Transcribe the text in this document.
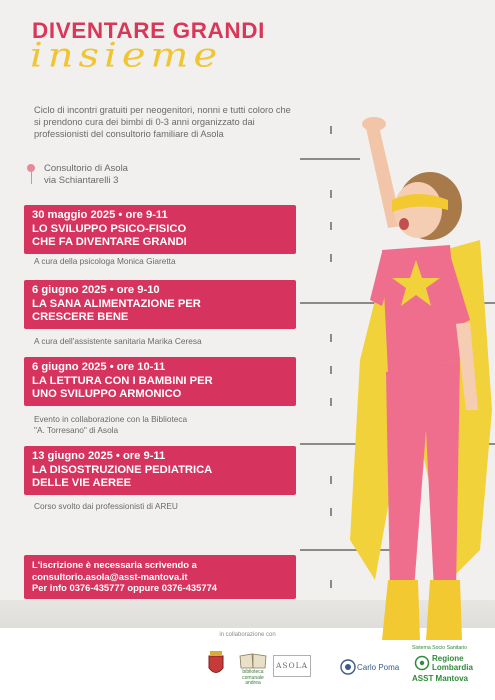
DIVENTARE GRANDI
insieme
Ciclo di incontri gratuiti per neogenitori, nonni e tutti coloro che si prendono cura dei bimbi di 0-3 anni organizzato dai professionisti del consultorio familiare di Asola
Consultorio di Asola
via Schiantarelli 3
30 maggio 2025 • ore 9-11
LO SVILUPPO PSICO-FISICO
CHE FA DIVENTARE GRANDI
A cura della psicologa Monica Giaretta
6 giugno 2025 • ore 9-10
LA SANA ALIMENTAZIONE PER
CRESCERE BENE
A cura dell'assistente sanitaria Marika Ceresa
6 giugno 2025 • ore 10-11
LA LETTURA CON I BAMBINI PER
UNO SVILUPPO ARMONICO
Evento in collaborazione con la Biblioteca
"A. Torresano" di Asola
13 giugno 2025 • ore 9-11
LA DISOSTRUZIONE PEDIATRICA
DELLE VIE AEREE
Corso svolto dai professionisti di AREU
L'iscrizione è necessaria scrivendo a
consultorio.asola@asst-mantova.it
Per info 0376-435777 oppure 0376-435774
in collaborazione con
biblioteca comunale andrea
ASOLA	Carlo Poma
Sistema Socio Sanitario
Regione
Lombardia
ASST Mantova
